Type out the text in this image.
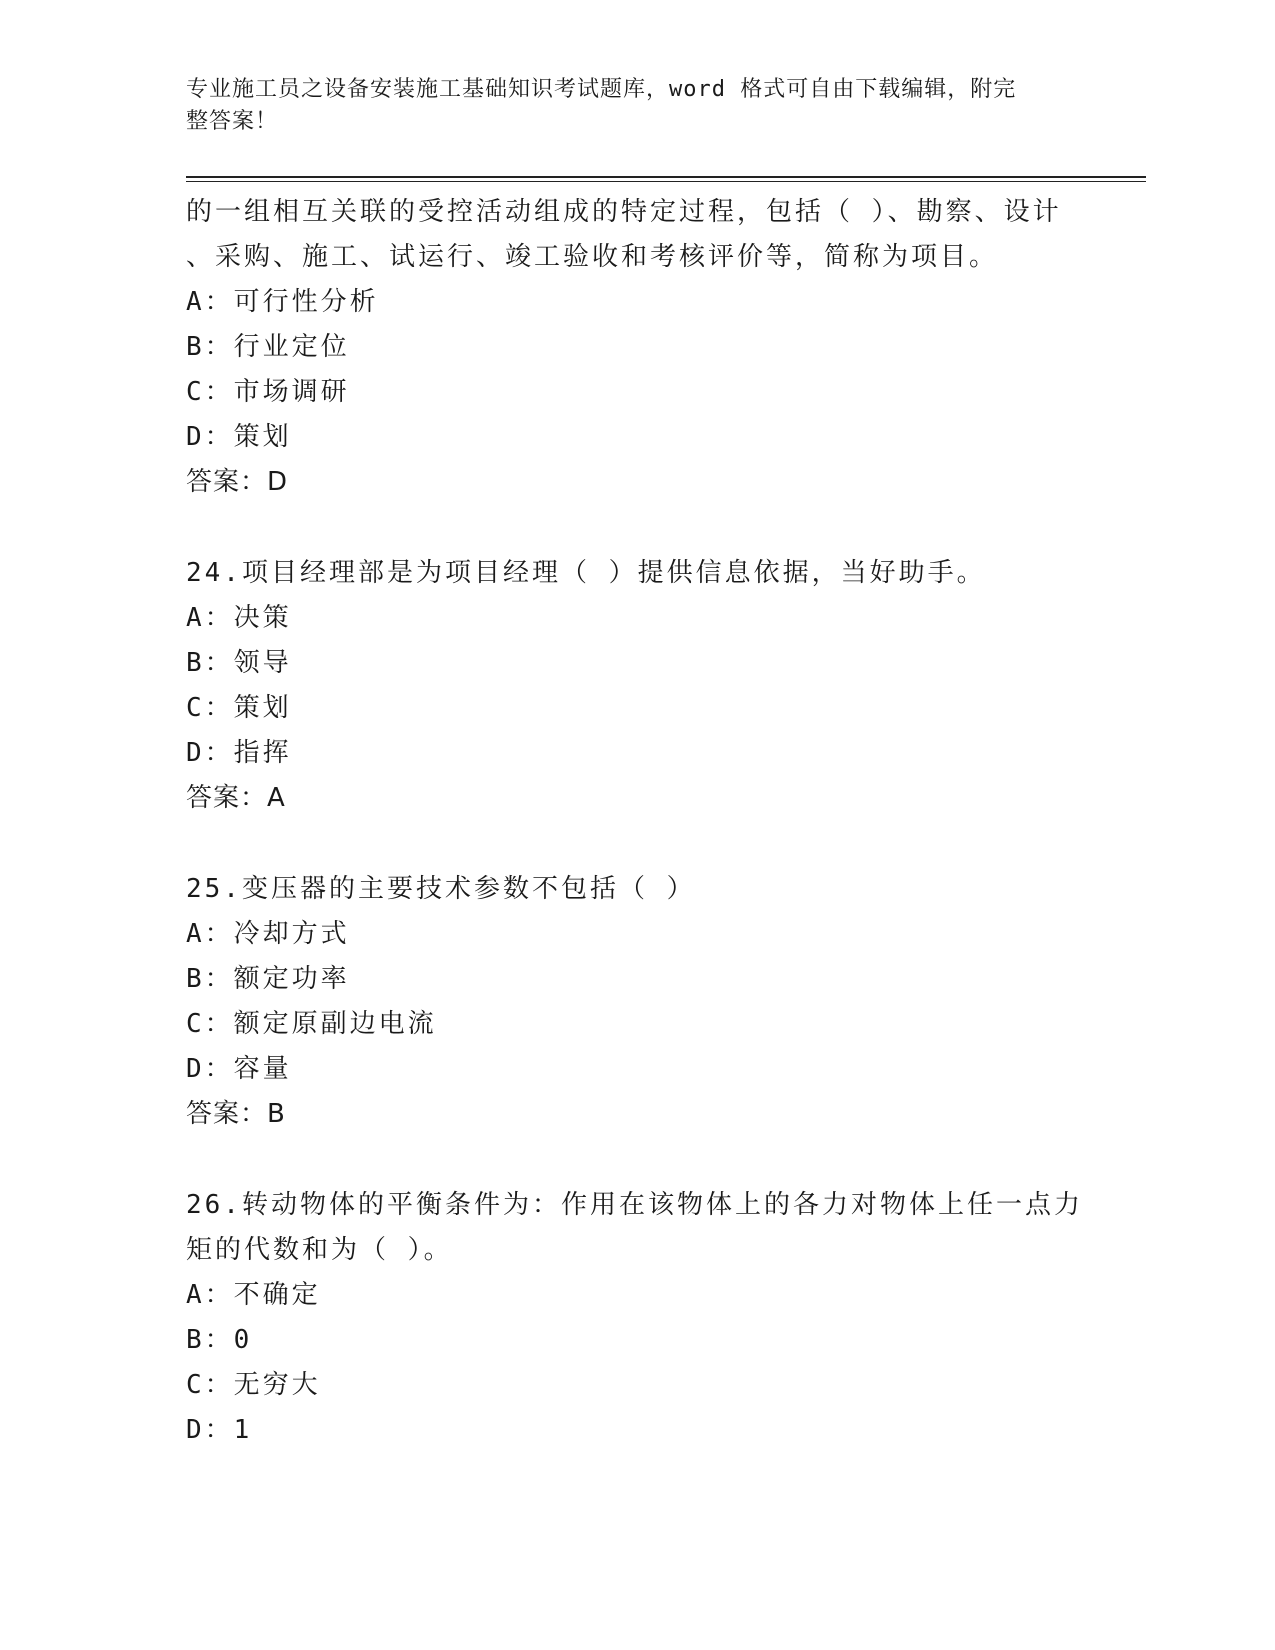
专业施工员之设备安装施工基础知识考试题库，word 格式可自由下载编辑，附完
整答案！
的一组相互关联的受控活动组成的特定过程，包括（ ）、勘察、设计
、采购、施工、试运行、竣工验收和考核评价等，简称为项目。
A：可行性分析
B：行业定位
C：市场调研
D：策划
答案：D
24.项目经理部是为项目经理（ ）提供信息依据，当好助手。
A：决策
B：领导
C：策划
D：指挥
答案：A
25.变压器的主要技术参数不包括（ ）
A：冷却方式
B：额定功率
C：额定原副边电流
D：容量
答案：B
26.转动物体的平衡条件为：作用在该物体上的各力对物体上任一点力
矩的代数和为（ ）。
A：不确定
B：0
C：无穷大
D：1
